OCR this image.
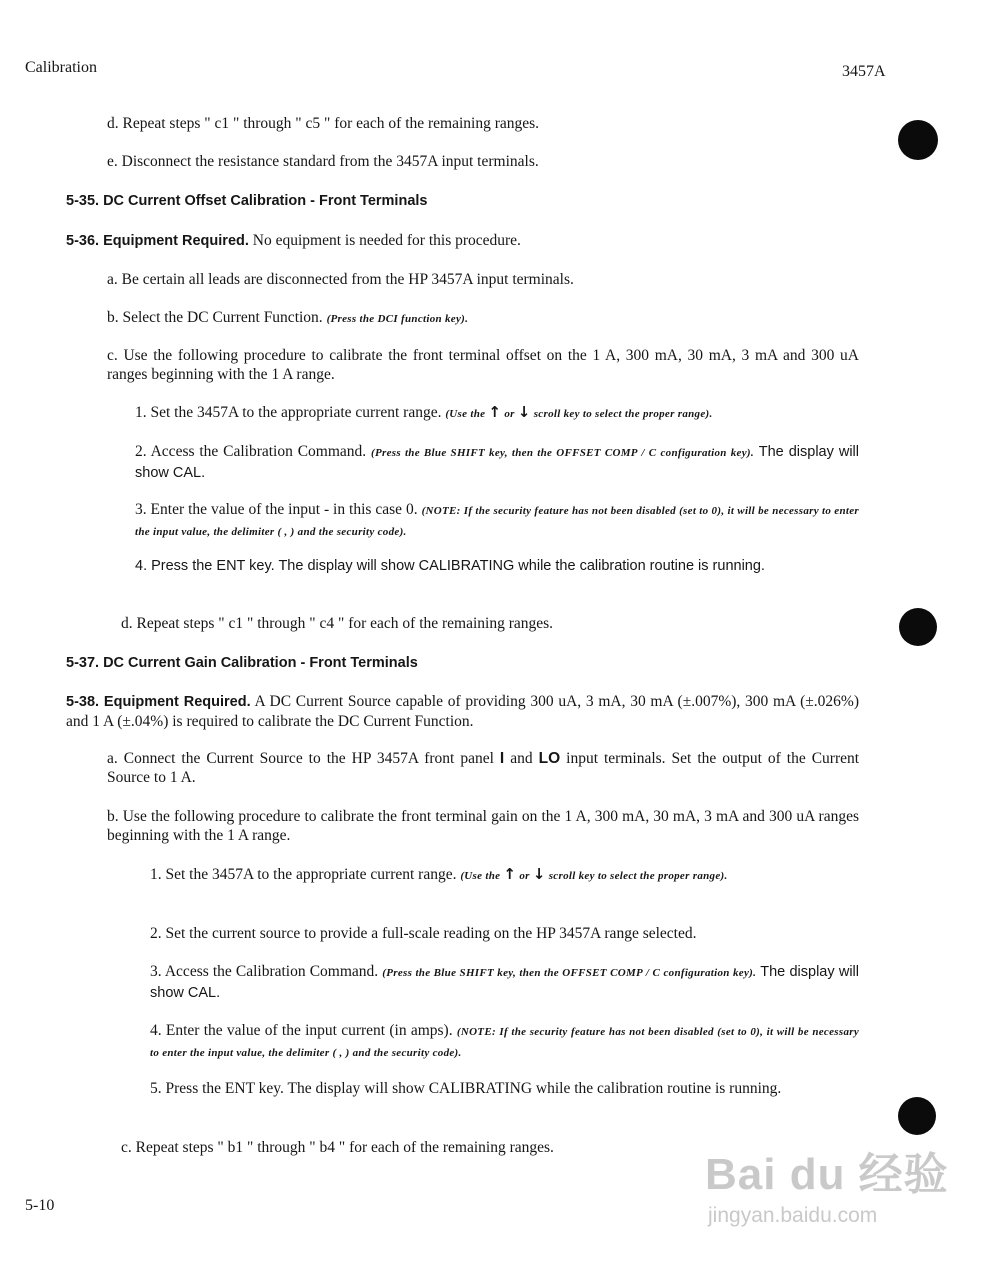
Calibration	3457A
d. Repeat steps " c1 " through " c5 " for each of the remaining ranges.
e. Disconnect the resistance standard from the 3457A input terminals.
5-35. DC Current Offset Calibration - Front Terminals
5-36. Equipment Required. No equipment is needed for this procedure.
a. Be certain all leads are disconnected from the HP 3457A input terminals.
b. Select the DC Current Function. (Press the DCI function key).
c. Use the following procedure to calibrate the front terminal offset on the 1 A, 300 mA, 30 mA, 3 mA and 300 uA ranges beginning with the 1 A range.
1. Set the 3457A to the appropriate current range. (Use the ↑ or ↓ scroll key to select the proper range).
2. Access the Calibration Command. (Press the Blue SHIFT key, then the OFFSET COMP / C configuration key). The display will show CAL.
3. Enter the value of the input - in this case 0. (NOTE: If the security feature has not been disabled (set to 0), it will be necessary to enter the input value, the delimiter ( , ) and the security code).
4. Press the ENT key. The display will show CALIBRATING while the calibration routine is running.
d. Repeat steps " c1 " through " c4 " for each of the remaining ranges.
5-37. DC Current Gain Calibration - Front Terminals
5-38. Equipment Required. A DC Current Source capable of providing 300 uA, 3 mA, 30 mA (±.007%), 300 mA (±.026%) and 1 A (±.04%) is required to calibrate the DC Current Function.
a. Connect the Current Source to the HP 3457A front panel I and LO input terminals. Set the output of the Current Source to 1 A.
b. Use the following procedure to calibrate the front terminal gain on the 1 A, 300 mA, 30 mA, 3 mA and 300 uA ranges beginning with the 1 A range.
1. Set the 3457A to the appropriate current range. (Use the ↑ or ↓ scroll key to select the proper range).
2. Set the current source to provide a full-scale reading on the HP 3457A range selected.
3. Access the Calibration Command. (Press the Blue SHIFT key, then the OFFSET COMP / C configuration key). The display will show CAL.
4. Enter the value of the input current (in amps). (NOTE: If the security feature has not been disabled (set to 0), it will be necessary to enter the input value, the delimiter ( , ) and the security code).
5. Press the ENT key. The display will show CALIBRATING while the calibration routine is running.
c. Repeat steps " b1 " through " b4 " for each of the remaining ranges.
5-10
Bai du 经验
jingyan.baidu.com
